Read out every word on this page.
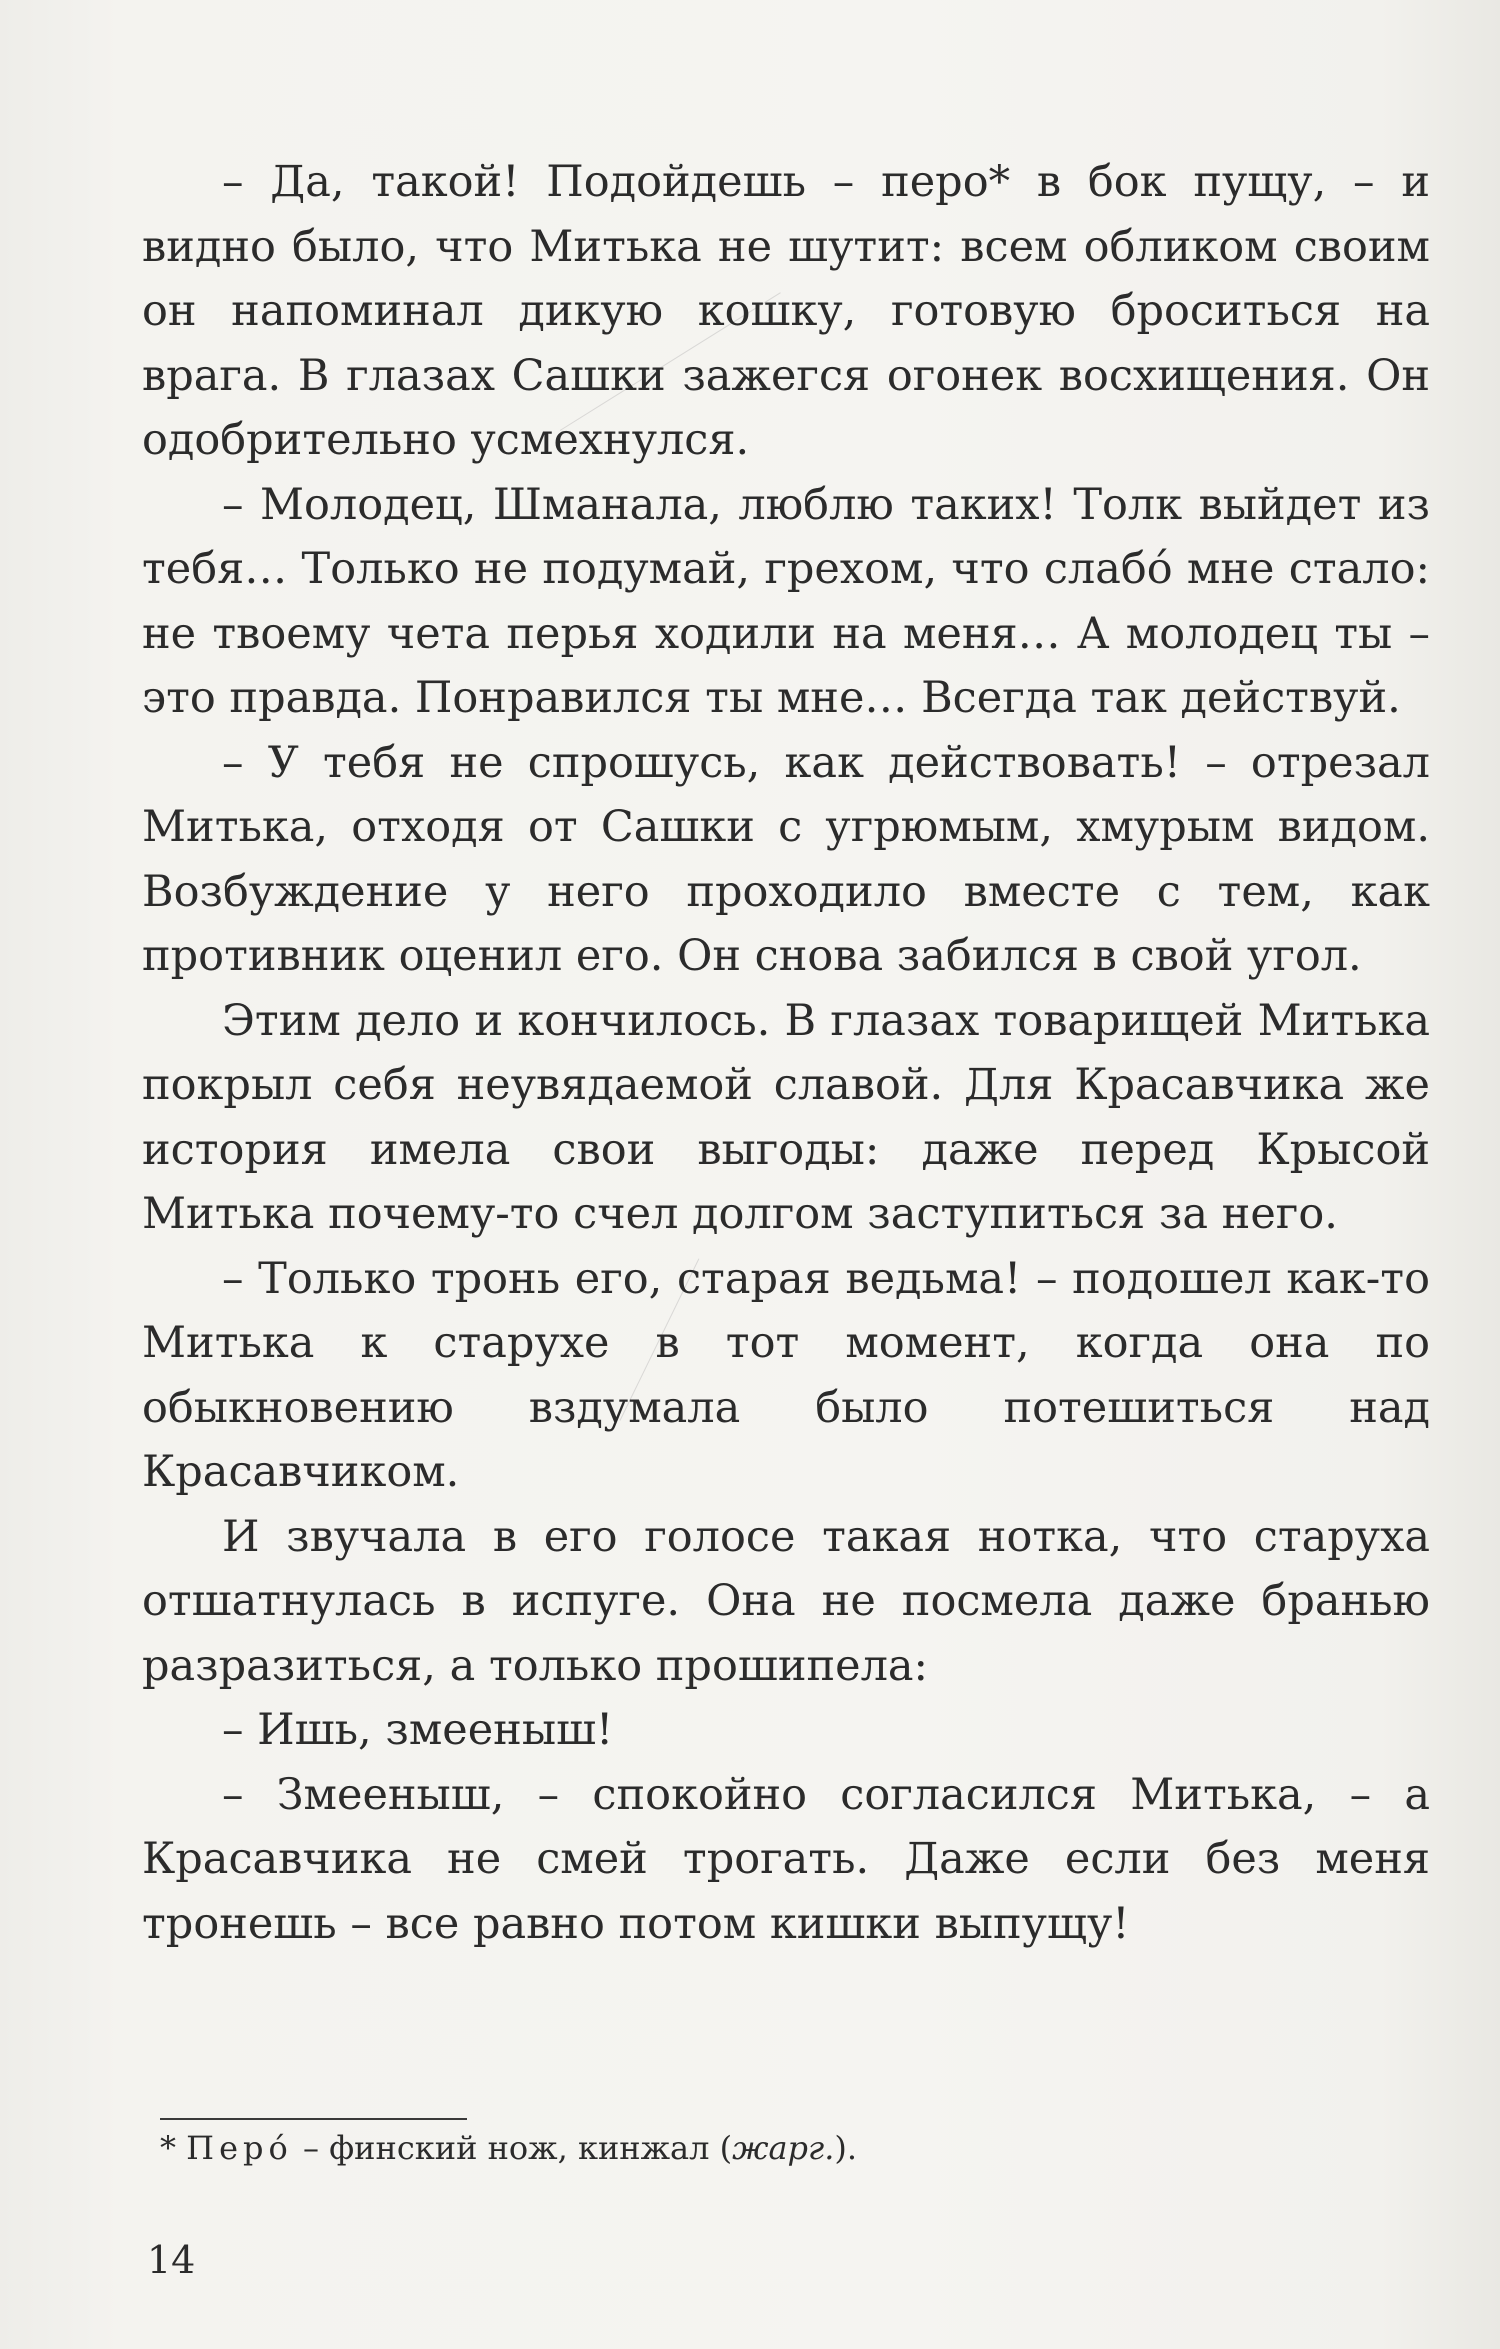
– Да, такой! Подойдешь – перо* в бок пущу, – и видно было, что Митька не шутит: всем обликом своим он напоминал дикую кошку, готовую броситься на врага. В глазах Сашки зажегся огонек восхищения. Он одобрительно усмехнулся.

– Молодец, Шманала, люблю таких! Толк выйдет из тебя… Только не подумай, грехом, что слабо́ мне стало: не твоему чета перья ходили на меня… А молодец ты – это правда. Понравился ты мне… Всегда так действуй.

– У тебя не спрошусь, как действовать! – отрезал Митька, отходя от Сашки с угрюмым, хмурым видом. Возбуждение у него проходило вместе с тем, как противник оценил его. Он снова забился в свой угол.

Этим дело и кончилось. В глазах товарищей Митька покрыл себя неувядаемой славой. Для Красавчика же история имела свои выгоды: даже перед Крысой Митька почему-то счел долгом заступиться за него.

– Только тронь его, старая ведьма! – подошел как-то Митька к старухе в тот момент, когда она по обыкновению вздумала было потешиться над Красавчиком.

И звучала в его голосе такая нотка, что старуха отшатнулась в испуге. Она не посмела даже бранью разразиться, а только прошипела:

– Ишь, змееныш!

– Змееныш, – спокойно согласился Митька, – а Красавчика не смей трогать. Даже если без меня тронешь – все равно потом кишки выпущу!

* Перо́ – финский нож, кинжал (жарг.).
14
